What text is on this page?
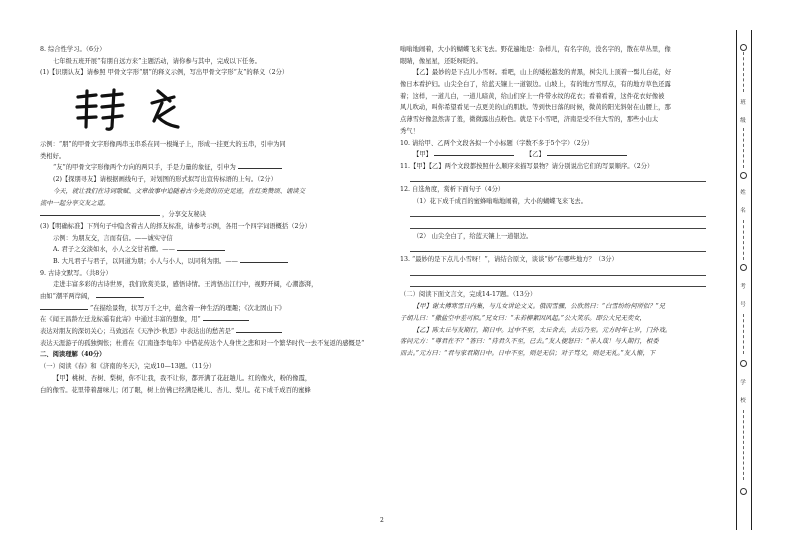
8. 综合性学习。（6分）
七年级五班开展“有朋自远方来”主题活动，请你参与其中，完成以下任务。
(1)【识朋认友】请参照 甲骨文字形“朋”的释义示例，写出甲骨文字形“友”的释义（2分）
示例：“朋”的甲骨文字形像两串玉串系在同一根绳子上，形成一挂更大的玉串，引申为同
类相好。
“友”的甲骨文字形像两个方向的两只手，手是力量的象征，引申为
(2)【探朋寻友】请根据画线句子，对划图的形式拟写出宣传标语的上句。（2分）
今天，就让我们在诗词歌赋、文章故事中追随着古今先贤的历史足迹，在红类赞颂、诵读交
流中一起分享交友之道。
，分享交友秘诀
(3)【明确标准】下列句子中隐含着古人的择友标准，请参考示例，各用一个四字词语概括（2分）
示例：为朋友交，言而有信。——诚实守信
A. 君子之交淡如水，小人之交甘若醴。——
B. 大凡君子与君子，以同道为朋；小人与小人，以同利为朋。——
9. 古诗文默写。（共8分）
走进丰富多彩的古诗世界，我们欣赏美景，感悟诗情。王湾悟出江行中，视野开阔，心潮澎湃，
由如“潮平两岸阔，
”在描绘景物，状写万千之中，蕴含着一种生活的理趣；《次北固山下》
在《闻王昌龄左迁龙标遥有此寄》中通过丰富的想象，用“
表达对朋友的深切关心；马致远在《天净沙·秋思》中表达出的愁苦是“
表达天涯游子的孤独惆怅；杜甫在《江南逢李龟年》中借花传达个人身世之悲和对一个繁华时代一去不复返的感慨是“
二、阅读理解（40分）
（一）阅读《春》和《济南的冬天》，完成10—13题。（11分）
【甲】桃树、杏树、梨树，你不让我，我不让你，都开满了花赶趟儿。红的像火，粉的像霞，
白的像雪。花里带着甜味儿；闭了眼，树上仿佛已经满是桃儿、杏儿、梨儿。花下成千成百的蜜蜂
嗡嗡地闹着，大小的蝴蝶飞来飞去。野花遍地是：杂样儿，有名字的，没名字的，散在草丛里，像
眼睛，像星星，还眨呀眨的。
【乙】最妙的是下点儿小雪呀。看吧，山上的矮松越发的青黑，树尖儿上顶着一髻儿白花，好
像日本看护妇。山尖全白了，给蓝天镶上一道银边。山坡上，有的地方雪厚点，有的地方草色还露
着；这样，一道儿白，一道儿暗黄，给山们穿上一件带水纹的花衣；看着看着，这件花衣好像被
风儿吹动，叫你希望看见一点更美的山的肌肤。等到快日落的时候，微黄的阳光斜射在山腰上，那
点薄雪好像忽然害了羞，微微露出点粉色。就是下小雪吧，济南是受不住大雪的，那些小山太
秀气！
10. 请给甲、乙两个文段各拟一个小标题（字数不多于5个字）（2分）
【甲】	【乙】
11.【甲】【乙】两个文段都按照什么顺序来描写景物？请分别说出它们的写景顺序。（2分）
12. 自选角度，赏析下面句子（4分）
（1）花下成千成百的蜜蜂嗡嗡地闹着，大小的蝴蝶飞来飞去。
（2） 山尖全白了，给蓝天镶上一道银边。
13. “最妙的是下点儿小雪呀！”，请结合原文，谈谈“妙”在哪些地方？（3分）
（二）阅读下面文言文，完成14-17题。（13分）
【甲】谢太傅寒雪日内集，与儿女讲论文义。俄而雪骤，公欣然曰：“白雪纷纷何所似？”兄
子胡儿曰：“撒盐空中差可拟。”兄女曰：“未若柳絮因风起。”公大笑乐。即公大兄无奕女，
【乙】陈太丘与友期行，期日中。过中不至，太丘舍去，去后乃至。元方时年七岁，门外戏。
客问元方：“尊君在不？”答曰：“待君久不至，已去。”友人便怒曰：“非人哉！与人期行，相委
而去。”元方曰：“君与家君期日中。日中不至，则是无信；对子骂父，则是无礼。”友人惭，下
2
班
级
姓
名
考
号
学
校
